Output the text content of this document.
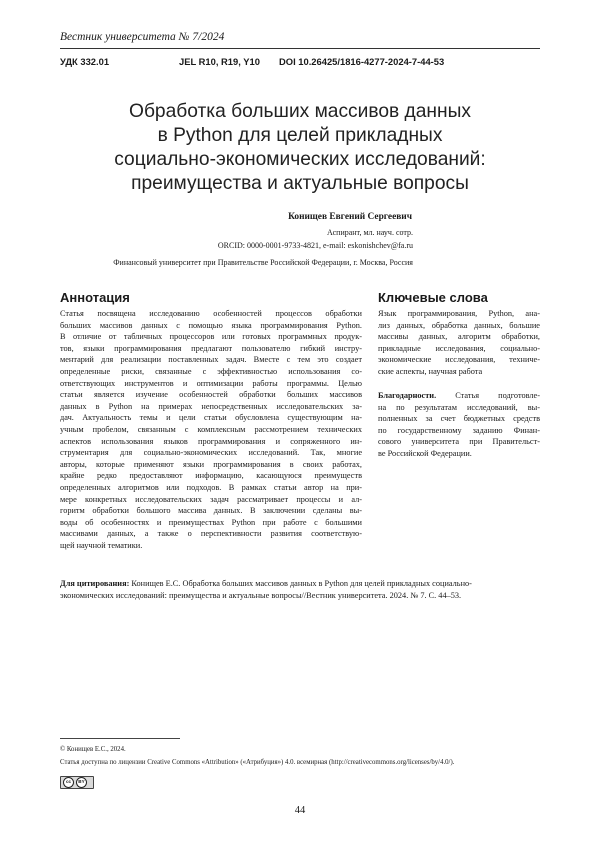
Вестник университета № 7/2024
УДК 332.01	JEL R10, R19, Y10 DOI 10.26425/1816-4277-2024-7-44-53
Обработка больших массивов данных
в Python для целей прикладных
социально-экономических исследований:
преимущества и актуальные вопросы
Конищев Евгений Сергеевич
Аспирант, мл. науч. сотр.
ORCID: 0000-0001-9733-4821, e-mail: eskonishchev@fa.ru
Финансовый университет при Правительстве Российской Федерации, г. Москва, Россия
Аннотация
Статья посвящена исследованию особенностей процессов обработки
больших массивов данных с помощью языка программирования Python.
В отличие от табличных процессоров или готовых программных продук-
тов, языки программирования предлагают пользователю гибкий инстру-
ментарий для реализации поставленных задач. Вместе с тем это создает
определенные риски, связанные с эффективностью использования со-
ответствующих инструментов и оптимизации работы программы. Целью
статьи является изучение особенностей обработки больших массивов
данных в Python на примерах непосредственных исследовательских за-
дач. Актуальность темы и цели статьи обусловлена существующим на-
учным пробелом, связанным с комплексным рассмотрением технических
аспектов использования языков программирования и сопряженного ин-
струментария для социально-экономических исследований. Так, многие
авторы, которые применяют языки программирования в своих работах,
крайне редко предоставляют информацию, касающуюся преимуществ
определенных алгоритмов или подходов. В рамках статьи автор на при-
мере конкретных исследовательских задач рассматривает процессы и ал-
горитм обработки большого массива данных. В заключении сделаны вы-
воды об особенностях и преимуществах Python при работе с большими
массивами данных, а также о перспективности развития соответствую-
щей научной тематики.
Ключевые слова
Язык программирования, Python, ана-
лиз данных, обработка данных, большие
массивы данных, алгоритм обработки,
прикладные исследования, социально-
экономические исследования, техниче-
ские аспекты, научная работа
Благодарности. Статья подготовле-
на по результатам исследований, вы-
полненных за счет бюджетных средств
по государственному заданию Финан-
сового университета при Правительст-
ве Российской Федерации.
Для цитирования: Конищев Е.С. Обработка больших массивов данных в Python для целей прикладных социально-
экономических исследований: преимущества и актуальные вопросы//Вестник университета. 2024. № 7. С. 44–53.
© Конищев Е.С., 2024.
Статья доступна по лицензии Creative Commons «Attribution» («Атрибуция») 4.0. всемирная (http://creativecommons.org/licenses/by/4.0/).
cc	BY
44
